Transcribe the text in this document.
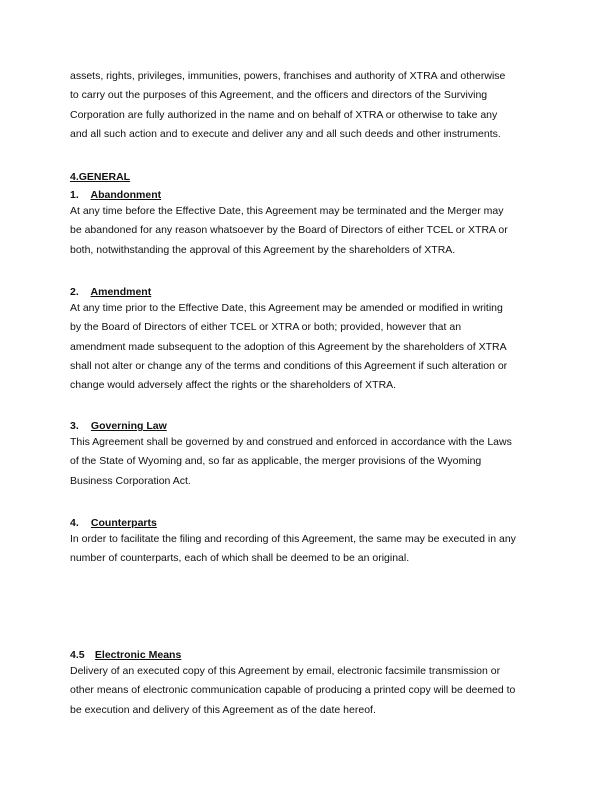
assets, rights, privileges, immunities, powers, franchises and authority of XTRA and otherwise
to carry out the purposes of this Agreement, and the officers and directors of the Surviving
Corporation are fully authorized in the name and on behalf of XTRA or otherwise to take any
and all such action and to execute and deliver any and all such deeds and other instruments.

4.GENERAL
1. Abandonment

At any time before the Effective Date, this Agreement may be terminated and the Merger may
be abandoned for any reason whatsoever by the Board of Directors of either TCEL or XTRA or
both, notwithstanding the approval of this Agreement by the shareholders of XTRA.

2. Amendment

At any time prior to the Effective Date, this Agreement may be amended or modified in writing
by the Board of Directors of either TCEL or XTRA or both; provided, however that an
amendment made subsequent to the adoption of this Agreement by the shareholders of XTRA
shall not alter or change any of the terms and conditions of this Agreement if such alteration or
change would adversely affect the rights or the shareholders of XTRA.

3. Governing Law

This Agreement shall be governed by and construed and enforced in accordance with the Laws
of the State of Wyoming and, so far as applicable, the merger provisions of the Wyoming
Business Corporation Act.

4. Counterparts

In order to facilitate the filing and recording of this Agreement, the same may be executed in any
number of counterparts, each of which shall be deemed to be an original.

4.5 Electronic Means

Delivery of an executed copy of this Agreement by email, electronic facsimile transmission or
other means of electronic communication capable of producing a printed copy will be deemed to
be execution and delivery of this Agreement as of the date hereof.
